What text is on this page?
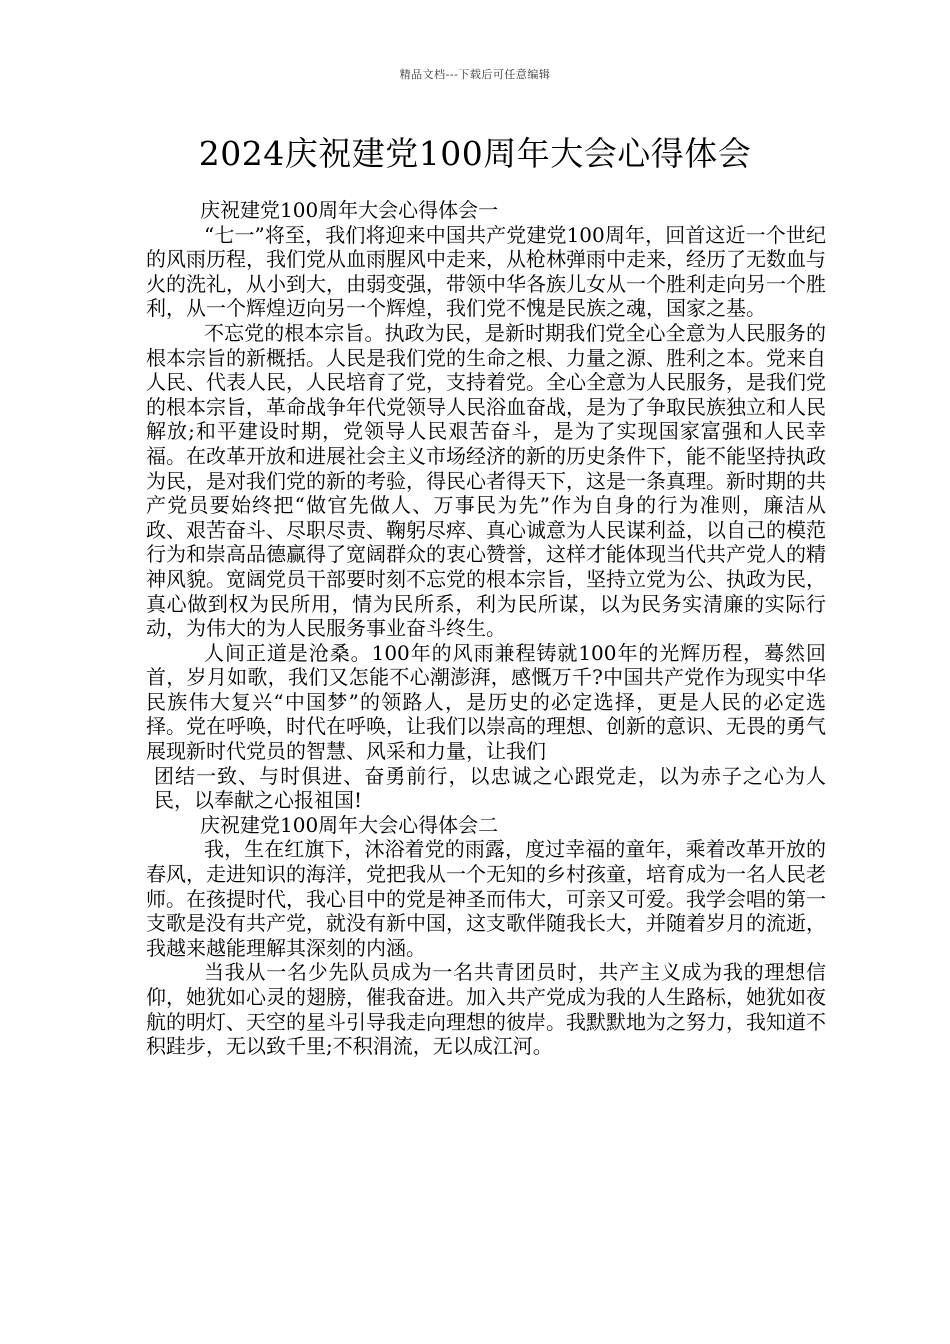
精品文档---下载后可任意编辑
2024庆祝建党100周年大会心得体会

庆祝建党100周年大会心得体会一

“七一”将至，我们将迎来中国共产党建党100周年，回首这近一个世纪的风雨历程，我们党从血雨腥风中走来，从枪林弹雨中走来，经历了无数血与火的洗礼，从小到大，由弱变强，带领中华各族儿女从一个胜利走向另一个胜利，从一个辉煌迈向另一个辉煌，我们党不愧是民族之魂，国家之基。

不忘党的根本宗旨。执政为民，是新时期我们党全心全意为人民服务的根本宗旨的新概括。人民是我们党的生命之根、力量之源、胜利之本。党来自人民、代表人民，人民培育了党，支持着党。全心全意为人民服务，是我们党的根本宗旨，革命战争年代党领导人民浴血奋战，是为了争取民族独立和人民解放;和平建设时期，党领导人民艰苦奋斗，是为了实现国家富强和人民幸福。在改革开放和进展社会主义市场经济的新的历史条件下，能不能坚持执政为民，是对我们党的新的考验，得民心者得天下，这是一条真理。新时期的共产党员要始终把“做官先做人、万事民为先”作为自身的行为准则，廉洁从政、艰苦奋斗、尽职尽责、鞠躬尽瘁、真心诚意为人民谋利益，以自己的模范行为和崇高品德赢得了宽阔群众的衷心赞誉，这样才能体现当代共产党人的精神风貌。宽阔党员干部要时刻不忘党的根本宗旨，坚持立党为公、执政为民，真心做到权为民所用，情为民所系，利为民所谋，以为民务实清廉的实际行动，为伟大的为人民服务事业奋斗终生。

人间正道是沧桑。100年的风雨兼程铸就100年的光辉历程，蓦然回首，岁月如歌，我们又怎能不心潮澎湃，感慨万千?中国共产党作为现实中华民族伟大复兴“中国梦”的领路人，是历史的必定选择，更是人民的必定选择。党在呼唤，时代在呼唤，让我们以崇高的理想、创新的意识、无畏的勇气展现新时代党员的智慧、风采和力量，让我们

团结一致、与时俱进、奋勇前行，以忠诚之心跟党走，以为赤子之心为人民，以奉献之心报祖国!

庆祝建党100周年大会心得体会二

我，生在红旗下，沐浴着党的雨露，度过幸福的童年，乘着改革开放的春风，走进知识的海洋，党把我从一个无知的乡村孩童，培育成为一名人民老师。在孩提时代，我心目中的党是神圣而伟大，可亲又可爱。我学会唱的第一支歌是没有共产党，就没有新中国，这支歌伴随我长大，并随着岁月的流逝，我越来越能理解其深刻的内涵。

当我从一名少先队员成为一名共青团员时，共产主义成为我的理想信仰，她犹如心灵的翅膀，催我奋进。加入共产党成为我的人生路标，她犹如夜航的明灯、天空的星斗引导我走向理想的彼岸。我默默地为之努力，我知道不积跬步，无以致千里;不积涓流，无以成江河。
